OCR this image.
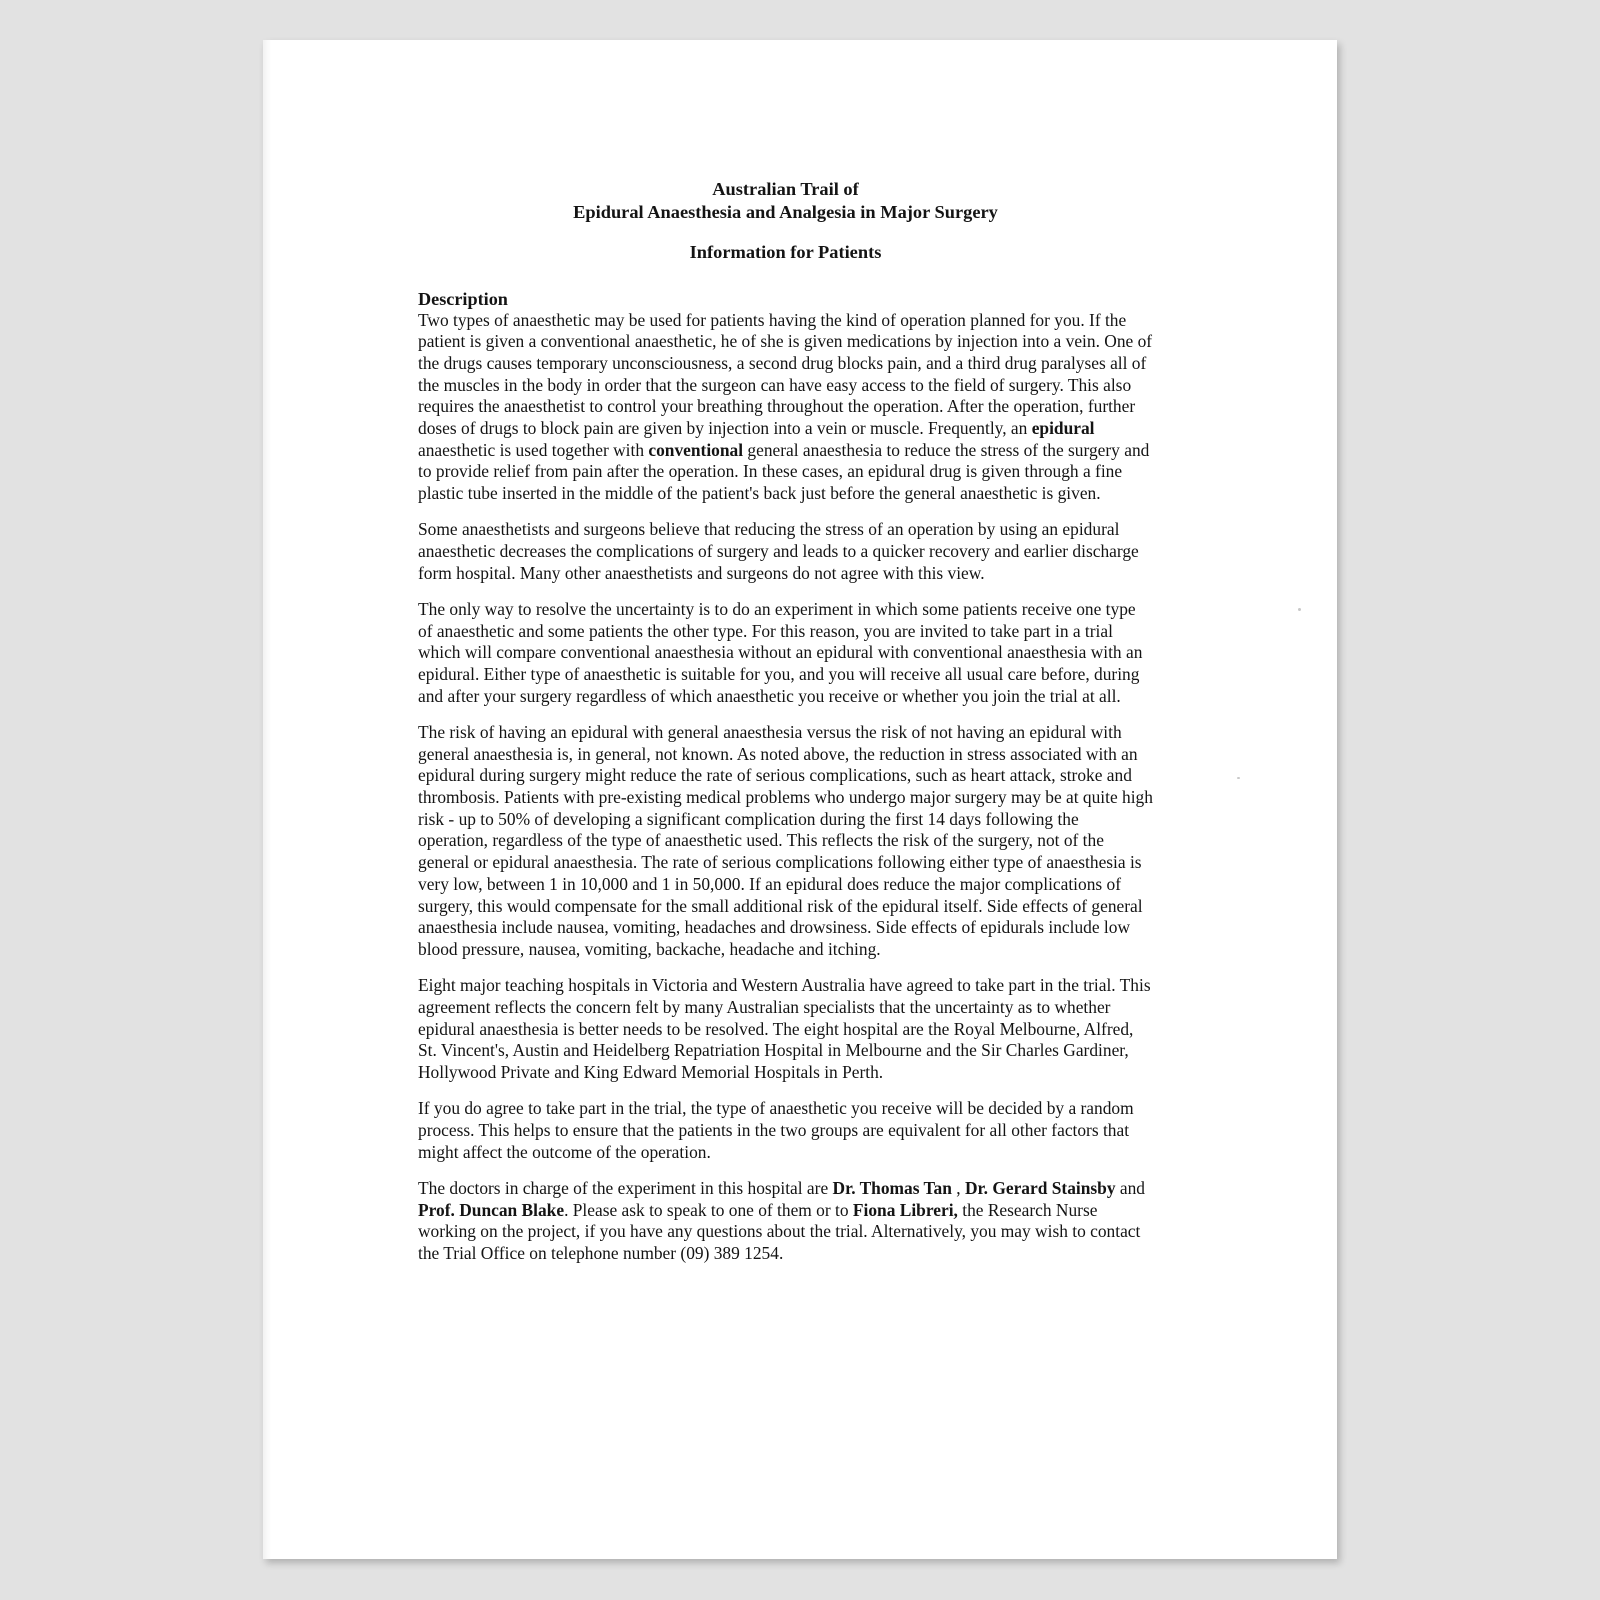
Australian Trail of
Epidural Anaesthesia and Analgesia in Major Surgery
Information for Patients
Description

Two types of anaesthetic may be used for patients having the kind of operation planned for you. If the patient is given a conventional anaesthetic, he of she is given medications by injection into a vein. One of the drugs causes temporary unconsciousness, a second drug blocks pain, and a third drug paralyses all of the muscles in the body in order that the surgeon can have easy access to the field of surgery. This also requires the anaesthetist to control your breathing throughout the operation. After the operation, further doses of drugs to block pain are given by injection into a vein or muscle. Frequently, an epidural anaesthetic is used together with conventional general anaesthesia to reduce the stress of the surgery and to provide relief from pain after the operation. In these cases, an epidural drug is given through a fine plastic tube inserted in the middle of the patient's back just before the general anaesthetic is given.

Some anaesthetists and surgeons believe that reducing the stress of an operation by using an epidural anaesthetic decreases the complications of surgery and leads to a quicker recovery and earlier discharge form hospital. Many other anaesthetists and surgeons do not agree with this view.

The only way to resolve the uncertainty is to do an experiment in which some patients receive one type of anaesthetic and some patients the other type. For this reason, you are invited to take part in a trial which will compare conventional anaesthesia without an epidural with conventional anaesthesia with an epidural. Either type of anaesthetic is suitable for you, and you will receive all usual care before, during and after your surgery regardless of which anaesthetic you receive or whether you join the trial at all.

The risk of having an epidural with general anaesthesia versus the risk of not having an epidural with general anaesthesia is, in general, not known. As noted above, the reduction in stress associated with an epidural during surgery might reduce the rate of serious complications, such as heart attack, stroke and thrombosis. Patients with pre-existing medical problems who undergo major surgery may be at quite high risk - up to 50% of developing a significant complication during the first 14 days following the operation, regardless of the type of anaesthetic used. This reflects the risk of the surgery, not of the general or epidural anaesthesia. The rate of serious complications following either type of anaesthesia is very low, between 1 in 10,000 and 1 in 50,000. If an epidural does reduce the major complications of surgery, this would compensate for the small additional risk of the epidural itself. Side effects of general anaesthesia include nausea, vomiting, headaches and drowsiness. Side effects of epidurals include low blood pressure, nausea, vomiting, backache, headache and itching.

Eight major teaching hospitals in Victoria and Western Australia have agreed to take part in the trial. This agreement reflects the concern felt by many Australian specialists that the uncertainty as to whether epidural anaesthesia is better needs to be resolved. The eight hospital are the Royal Melbourne, Alfred, St. Vincent's, Austin and Heidelberg Repatriation Hospital in Melbourne and the Sir Charles Gardiner, Hollywood Private and King Edward Memorial Hospitals in Perth.

If you do agree to take part in the trial, the type of anaesthetic you receive will be decided by a random process. This helps to ensure that the patients in the two groups are equivalent for all other factors that might affect the outcome of the operation.

The doctors in charge of the experiment in this hospital are Dr. Thomas Tan , Dr. Gerard Stainsby and Prof. Duncan Blake. Please ask to speak to one of them or to Fiona Libreri, the Research Nurse working on the project, if you have any questions about the trial. Alternatively, you may wish to contact the Trial Office on telephone number (09) 389 1254.
